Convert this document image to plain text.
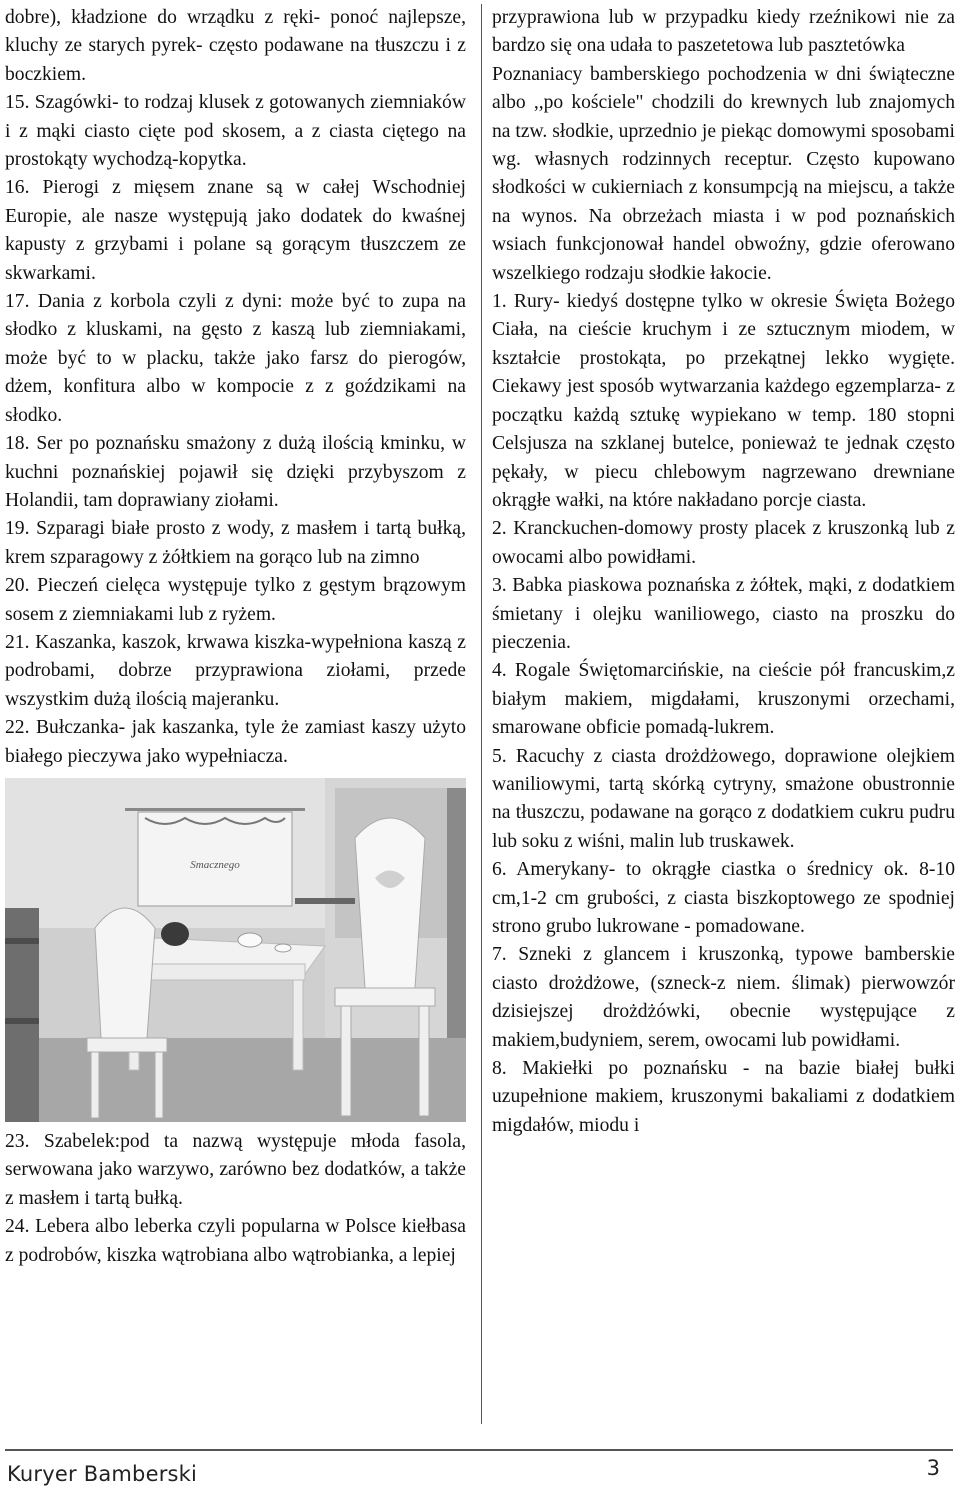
dobre), kładzione do wrządku z ręki- ponoć najlepsze, kluchy ze starych pyrek- często podawane na tłuszczu i z boczkiem.

15. Szagówki- to rodzaj klusek z gotowanych ziemniaków i z mąki ciasto cięte pod skosem, a z ciasta ciętego na prostokąty wychodzą-kopytka.

16. Pierogi z mięsem znane są w całej Wschodniej Europie, ale nasze występują jako dodatek do kwaśnej kapusty z grzybami i polane są gorącym tłuszczem ze skwarkami.

17. Dania z korbola czyli z dyni: może być to zupa na słodko z kluskami, na gęsto z kaszą lub ziemniakami, może być to w placku, także jako farsz do pierogów, dżem, konfitura albo w kompocie z z goździkami na słodko.

18. Ser po poznańsku smażony z dużą ilością kminku, w kuchni poznańskiej pojawił się dzięki przybyszom z Holandii, tam doprawiany ziołami.

19. Szparagi białe prosto z wody, z masłem i tartą bułką, krem szparagowy z żółtkiem na gorąco lub na zimno

20. Pieczeń cielęca występuje tylko z gęstym brązowym sosem z ziemniakami lub z ryżem.

21. Kaszanka, kaszok, krwawa kiszka-wypełniona kaszą z podrobami, dobrze przyprawiona ziołami, przede wszystkim dużą ilością majeranku.

22. Bułczanka- jak kaszanka, tyle że zamiast kaszy użyto białego pieczywa jako wypełniacza.

Smacznego

23. Szabelek:pod ta nazwą występuje młoda fasola, serwowana jako warzywo, zarówno bez dodatków, a także z masłem i tartą bułką.

24. Lebera albo leberka czyli popularna w Polsce kiełbasa z podrobów, kiszka wątrobiana albo wątrobianka, a lepiej

przyprawiona lub w przypadku kiedy rzeźnikowi nie za bardzo się ona udała to paszetetowa lub pasztetówka

Poznaniacy bamberskiego pochodzenia w dni świąteczne albo ,,po kościele" chodzili do krewnych lub znajomych na tzw. słodkie, uprzednio je piekąc domowymi sposobami wg. własnych rodzinnych receptur. Często kupowano słodkości w cukierniach z konsumpcją na miejscu, a także na wynos. Na obrzeżach miasta i w pod poznańskich wsiach funkcjonował handel obwoźny, gdzie oferowano wszelkiego rodzaju słodkie łakocie.

1. Rury- kiedyś dostępne tylko w okresie Święta Bożego Ciała, na cieście kruchym i ze sztucznym miodem, w kształcie prostokąta, po przekątnej lekko wygięte. Ciekawy jest sposób wytwarzania każdego egzemplarza- z początku każdą sztukę wypiekano w temp. 180 stopni Celsjusza na szklanej butelce, ponieważ te jednak często pękały, w piecu chlebowym nagrzewano drewniane okrągłe wałki, na które nakładano porcje ciasta.

2. Kranckuchen-domowy prosty placek z kruszonką lub z owocami albo powidłami.

3. Babka piaskowa poznańska z żółtek, mąki, z dodatkiem śmietany i olejku waniliowego, ciasto na proszku do pieczenia.

4. Rogale Świętomarcińskie, na cieście pół francuskim,z białym makiem, migdałami, kruszonymi orzechami, smarowane obficie pomadą-lukrem.

5. Racuchy z ciasta drożdżowego, doprawione olejkiem waniliowymi, tartą skórką cytryny, smażone obustronnie na tłuszczu, podawane na gorąco z dodatkiem cukru pudru lub soku z wiśni, malin lub truskawek.

6. Amerykany- to okrągłe ciastka o średnicy ok. 8-10 cm,1-2 cm grubości, z ciasta biszkoptowego ze spodniej strono grubo lukrowane - pomadowane.

7. Szneki z glancem i kruszonką, typowe bamberskie ciasto drożdżowe, (szneck-z niem. ślimak) pierwowzór dzisiejszej drożdżówki, obecnie występujące z makiem,budyniem, serem, owocami lub powidłami.

8. Makiełki po poznańsku - na bazie białej bułki uzupełnione makiem, kruszonymi bakaliami z dodatkiem migdałów, miodu i

Kuryer Bamberski	3
